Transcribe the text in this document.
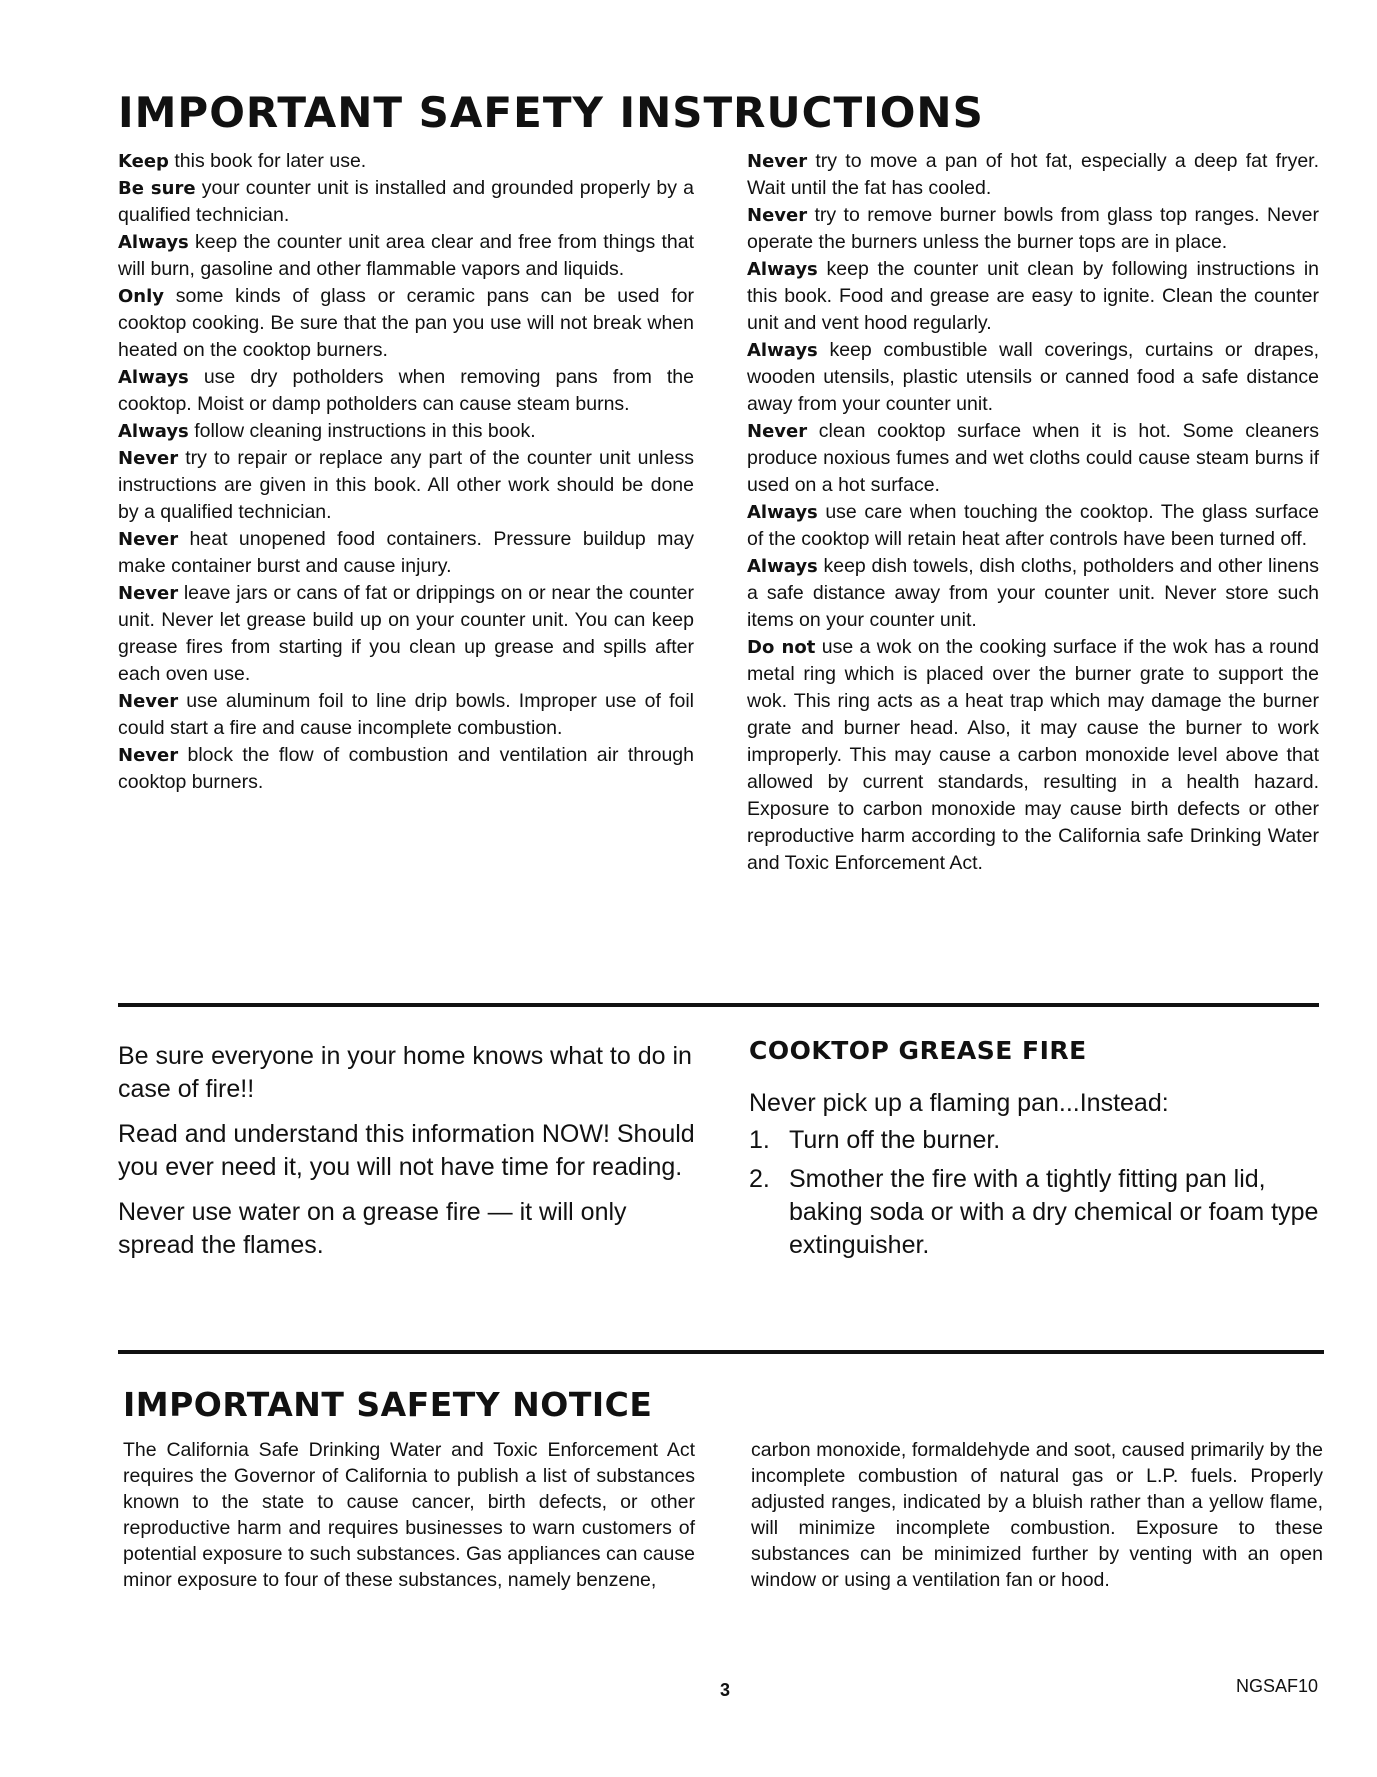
IMPORTANT SAFETY INSTRUCTIONS

Keep this book for later use.

Be sure your counter unit is installed and grounded properly by a qualified technician.

Always keep the counter unit area clear and free from things that will burn, gasoline and other flammable vapors and liquids.

Only some kinds of glass or ceramic pans can be used for cooktop cooking. Be sure that the pan you use will not break when heated on the cooktop burners.

Always use dry potholders when removing pans from the cooktop. Moist or damp potholders can cause steam burns.

Always follow cleaning instructions in this book.

Never try to repair or replace any part of the counter unit unless instructions are given in this book. All other work should be done by a qualified technician.

Never heat unopened food containers. Pressure buildup may make container burst and cause injury.

Never leave jars or cans of fat or drippings on or near the counter unit. Never let grease build up on your counter unit. You can keep grease fires from starting if you clean up grease and spills after each oven use.

Never use aluminum foil to line drip bowls. Improper use of foil could start a fire and cause incomplete combustion.

Never block the flow of combustion and ventilation air through cooktop burners.

Never try to move a pan of hot fat, especially a deep fat fryer. Wait until the fat has cooled.

Never try to remove burner bowls from glass top ranges. Never operate the burners unless the burner tops are in place.

Always keep the counter unit clean by following instructions in this book. Food and grease are easy to ignite. Clean the counter unit and vent hood regularly.

Always keep combustible wall coverings, curtains or drapes, wooden utensils, plastic utensils or canned food a safe distance away from your counter unit.

Never clean cooktop surface when it is hot. Some cleaners produce noxious fumes and wet cloths could cause steam burns if used on a hot surface.

Always use care when touching the cooktop. The glass surface of the cooktop will retain heat after controls have been turned off.

Always keep dish towels, dish cloths, potholders and other linens a safe distance away from your counter unit. Never store such items on your counter unit.

Do not use a wok on the cooking surface if the wok has a round metal ring which is placed over the burner grate to support the wok. This ring acts as a heat trap which may damage the burner grate and burner head. Also, it may cause the burner to work improperly. This may cause a carbon monoxide level above that allowed by current standards, resulting in a health hazard. Exposure to carbon monoxide may cause birth defects or other reproductive harm according to the California safe Drinking Water and Toxic Enforcement Act.

Be sure everyone in your home knows what to do in case of fire!!

Read and understand this information NOW! Should you ever need it, you will not have time for reading.

Never use water on a grease fire — it will only spread the flames.

COOKTOP GREASE FIRE
Never pick up a flaming pan...Instead:
1. Turn off the burner.
2. Smother the fire with a tightly fitting pan lid, baking soda or with a dry chemical or foam type extinguisher.
IMPORTANT SAFETY NOTICE

The California Safe Drinking Water and Toxic Enforcement Act requires the Governor of California to publish a list of substances known to the state to cause cancer, birth defects, or other reproductive harm and requires businesses to warn customers of potential exposure to such substances. Gas appliances can cause minor exposure to four of these substances, namely benzene,

carbon monoxide, formaldehyde and soot, caused primarily by the incomplete combustion of natural gas or L.P. fuels. Properly adjusted ranges, indicated by a bluish rather than a yellow flame, will minimize incomplete combustion. Exposure to these substances can be minimized further by venting with an open window or using a ventilation fan or hood.

3	NGSAF10
